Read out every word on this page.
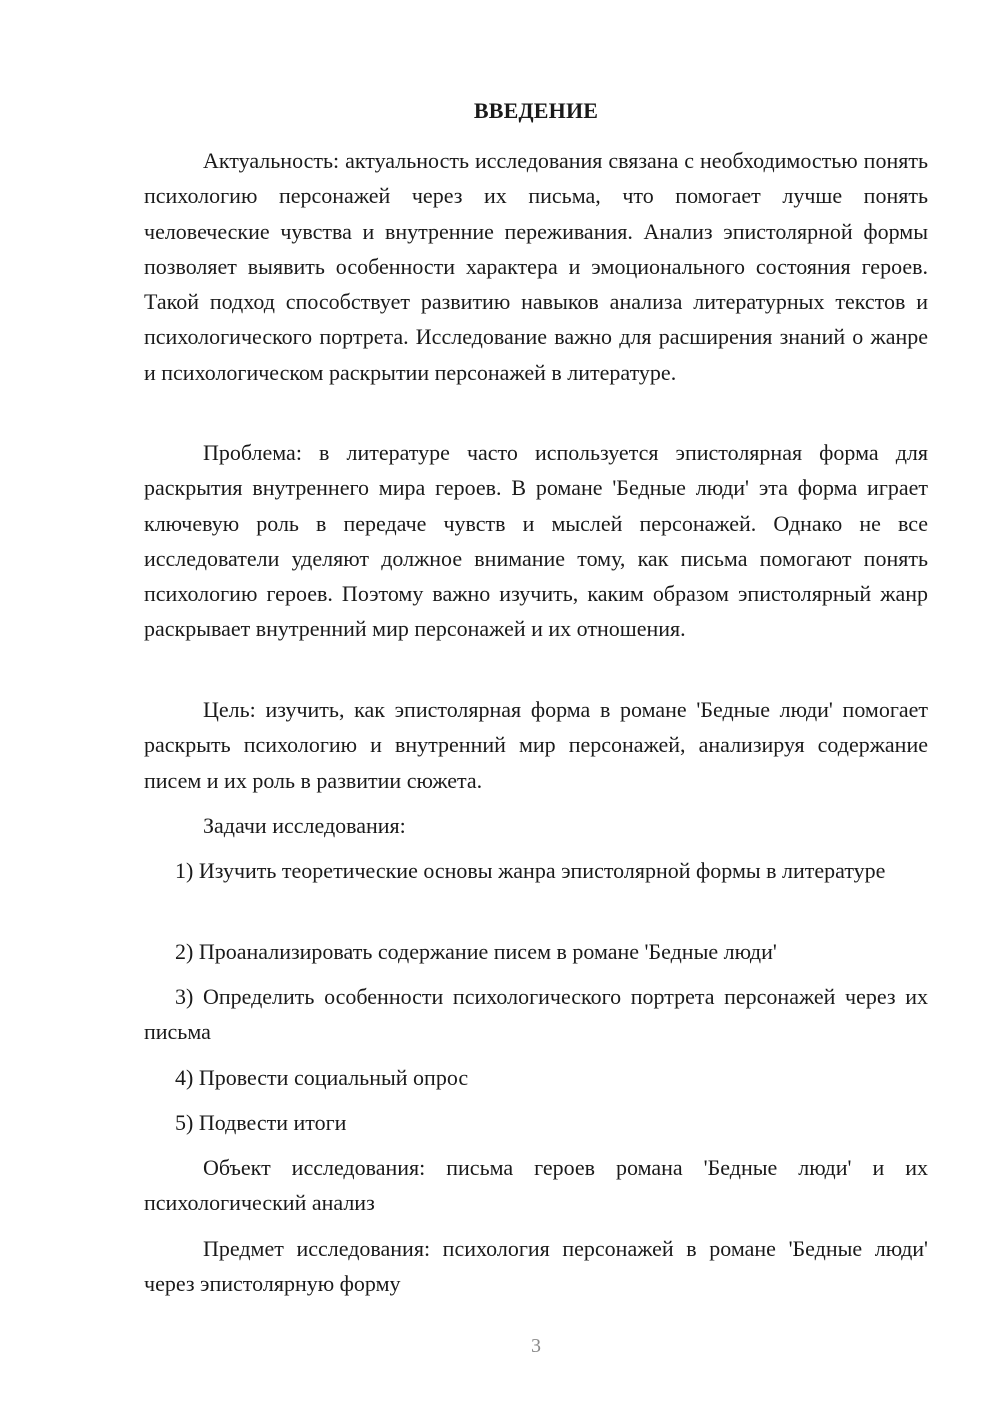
ВВЕДЕНИЕ

Актуальность: актуальность исследования связана с необходимостью понять психологию персонажей через их письма, что помогает лучше понять человеческие чувства и внутренние переживания. Анализ эпистолярной формы позволяет выявить особенности характера и эмоционального состояния героев. Такой подход способствует развитию навыков анализа литературных текстов и психологического портрета. Исследование важно для расширения знаний о жанре и психологическом раскрытии персонажей в литературе.

Проблема: в литературе часто используется эпистолярная форма для раскрытия внутреннего мира героев. В романе 'Бедные люди' эта форма играет ключевую роль в передаче чувств и мыслей персонажей. Однако не все исследователи уделяют должное внимание тому, как письма помогают понять психологию героев. Поэтому важно изучить, каким образом эпистолярный жанр раскрывает внутренний мир персонажей и их отношения.

Цель: изучить, как эпистолярная форма в романе 'Бедные люди' помогает раскрыть психологию и внутренний мир персонажей, анализируя содержание писем и их роль в развитии сюжета.

Задачи исследования:

1) Изучить теоретические основы жанра эпистолярной формы в литературе

2) Проанализировать содержание писем в романе 'Бедные люди'

3) Определить особенности психологического портрета персонажей через их письма

4) Провести социальный опрос

5) Подвести итоги

Объект исследования: письма героев романа 'Бедные люди' и их психологический анализ

Предмет исследования: психология персонажей в романе 'Бедные люди' через эпистолярную форму

3
